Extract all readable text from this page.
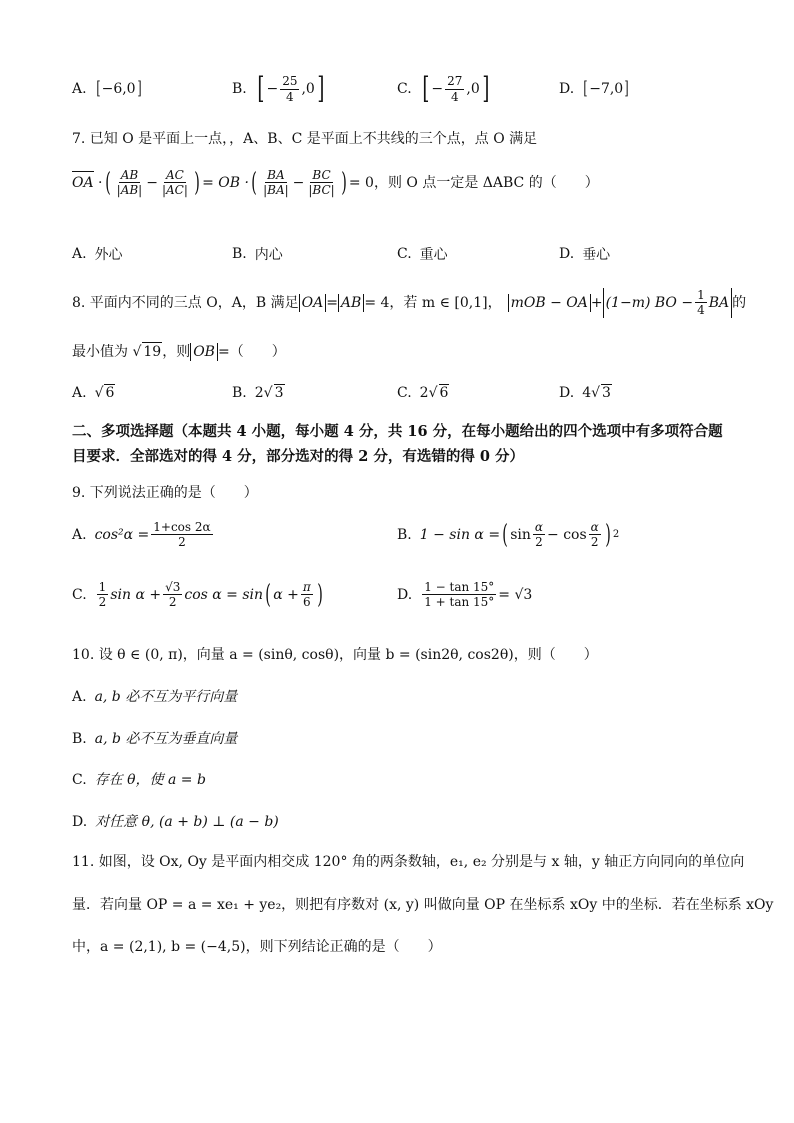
A. [ −6,0 ]	B. [ − $\frac{25}{4} ,0$ ]	C. [ − $\frac{27}{4} ,0$ ]	D. [ −7,0 ]
7. 已知 O 是平面上一点，，A、B、C 是平面上不共线的三个点，点 O 满足
OA · ( $\frac{AB}{|AB|} - \frac{AC}{|AC|}$ ) = OB · ( $\frac{BA}{|BA|} - \frac{BC}{|BC|}$ ) = 0，则 O 点一定是 ΔABC 的（　　）
A. 外心	B. 内心	C. 重心	D. 垂心
8. 平面内不同的三点 O，A，B 满足 OA = AB = 4，若 m ∈ [0,1]， mOB − OA + (1−m) BO − $\frac{1}{4}$ BA 的
最小值为 √ 19 ，则 OB =（　　）
A. √ 6	B. 2 √ 3	C. 2 √ 6	D. 4 √ 3
二、多项选择题（本题共 4 小题，每小题 4 分，共 16 分，在每小题给出的四个选项中有多项符合题目要求．全部选对的得 4 分，部分选对的得 2 分，有选错的得 0 分）
9. 下列说法正确的是（　　）
A. $\cos^2\alpha = \frac{1+\cos 2\alpha}{2}$	B. 1 − sin α = ( $\sin \frac{\alpha}{2} - \cos \frac{\alpha}{2}$ ) 2
C. $\frac{1}{2}$ $\sin \alpha + \frac{√3}{2}$ cos α = sin ( $\alpha + \frac{\pi}{6}$ )	D. $\frac{1 - \tan 15^\circ}{1 + \tan 15^\circ} = √3$
10. 设 θ ∈ (0, π)，向量 a = (sinθ, cosθ)，向量 b = (sin2θ, cos2θ)，则（　　）
A. a, b 必不互为平行向量
B. a, b 必不互为垂直向量
C. 存在 θ，使 a = b
D. 对任意 θ, (a + b) ⊥ (a − b)
11. 如图，设 Ox, Oy 是平面内相交成 120° 角的两条数轴，e₁, e₂ 分别是与 x 轴，y 轴正方向同向的单位向
量．若向量 OP = a = xe₁ + ye₂，则把有序数对 (x, y) 叫做向量 OP 在坐标系 xOy 中的坐标．若在坐标系 xOy
中，a = (2,1), b = (−4,5)，则下列结论正确的是（　　）
